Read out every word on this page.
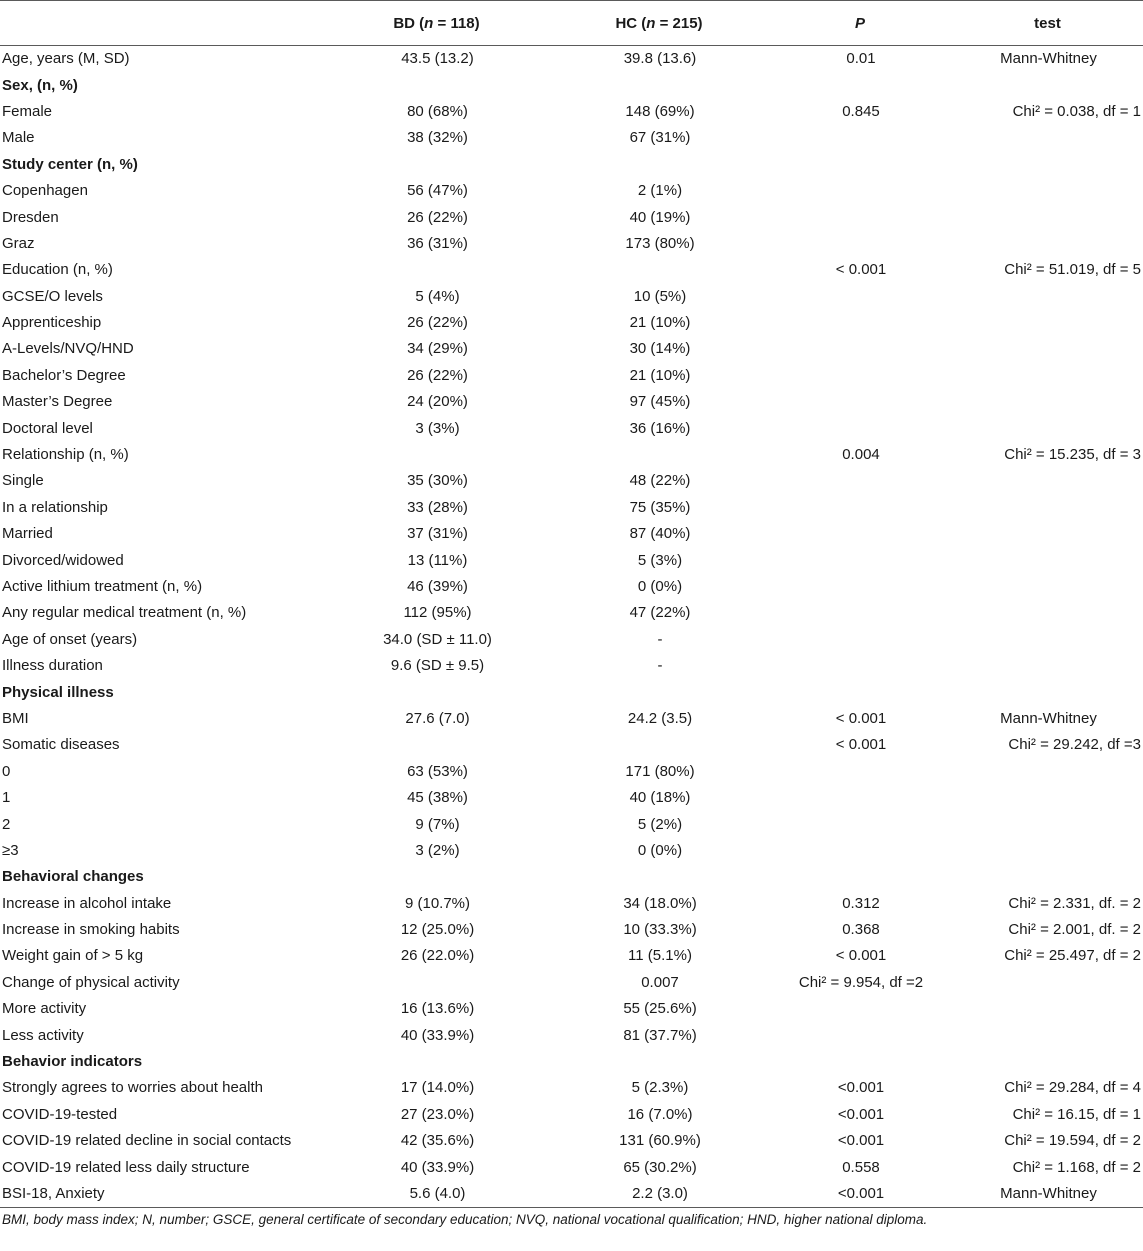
	BD (n = 118)	HC (n = 215)	P	test
Age, years (M, SD)	43.5 (13.2)	39.8 (13.6)	0.01	Mann-Whitney
Sex, (n, %)				
Female	80 (68%)	148 (69%)	0.845	Chi² = 0.038, df = 1
Male	38 (32%)	67 (31%)		
Study center (n, %)				
Copenhagen	56 (47%)	2 (1%)		
Dresden	26 (22%)	40 (19%)		
Graz	36 (31%)	173 (80%)		
Education (n, %)			< 0.001	Chi² = 51.019, df = 5
GCSE/O levels	5 (4%)	10 (5%)		
Apprenticeship	26 (22%)	21 (10%)		
A-Levels/NVQ/HND	34 (29%)	30 (14%)		
Bachelor’s Degree	26 (22%)	21 (10%)		
Master’s Degree	24 (20%)	97 (45%)		
Doctoral level	3 (3%)	36 (16%)		
Relationship (n, %)			0.004	Chi² = 15.235, df = 3
Single	35 (30%)	48 (22%)		
In a relationship	33 (28%)	75 (35%)		
Married	37 (31%)	87 (40%)		
Divorced/widowed	13 (11%)	5 (3%)		
Active lithium treatment (n, %)	46 (39%)	0 (0%)		
Any regular medical treatment (n, %)	112 (95%)	47 (22%)		
Age of onset (years)	34.0 (SD ± 11.0)	-		
Illness duration	9.6 (SD ± 9.5)	-		
Physical illness				
BMI	27.6 (7.0)	24.2 (3.5)	< 0.001	Mann-Whitney
Somatic diseases			< 0.001	Chi² = 29.242, df =3
0	63 (53%)	171 (80%)		
1	45 (38%)	40 (18%)		
2	9 (7%)	5 (2%)		
≥3	3 (2%)	0 (0%)		
Behavioral changes				
Increase in alcohol intake	9 (10.7%)	34 (18.0%)	0.312	Chi² = 2.331, df. = 2
Increase in smoking habits	12 (25.0%)	10 (33.3%)	0.368	Chi² = 2.001, df. = 2
Weight gain of > 5 kg	26 (22.0%)	11 (5.1%)	< 0.001	Chi² = 25.497, df = 2
Change of physical activity		0.007	Chi² = 9.954, df =2	
More activity	16 (13.6%)	55 (25.6%)		
Less activity	40 (33.9%)	81 (37.7%)		
Behavior indicators				
Strongly agrees to worries about health	17 (14.0%)	5 (2.3%)	<0.001	Chi² = 29.284, df = 4
COVID-19-tested	27 (23.0%)	16 (7.0%)	<0.001	Chi² = 16.15, df = 1
COVID-19 related decline in social contacts	42 (35.6%)	131 (60.9%)	<0.001	Chi² = 19.594, df = 2
COVID-19 related less daily structure	40 (33.9%)	65 (30.2%)	0.558	Chi² = 1.168, df = 2
BSI-18, Anxiety	5.6 (4.0)	2.2 (3.0)	<0.001	Mann-Whitney
BMI, body mass index; N, number; GSCE, general certificate of secondary education; NVQ, national vocational qualification; HND, higher national diploma.
